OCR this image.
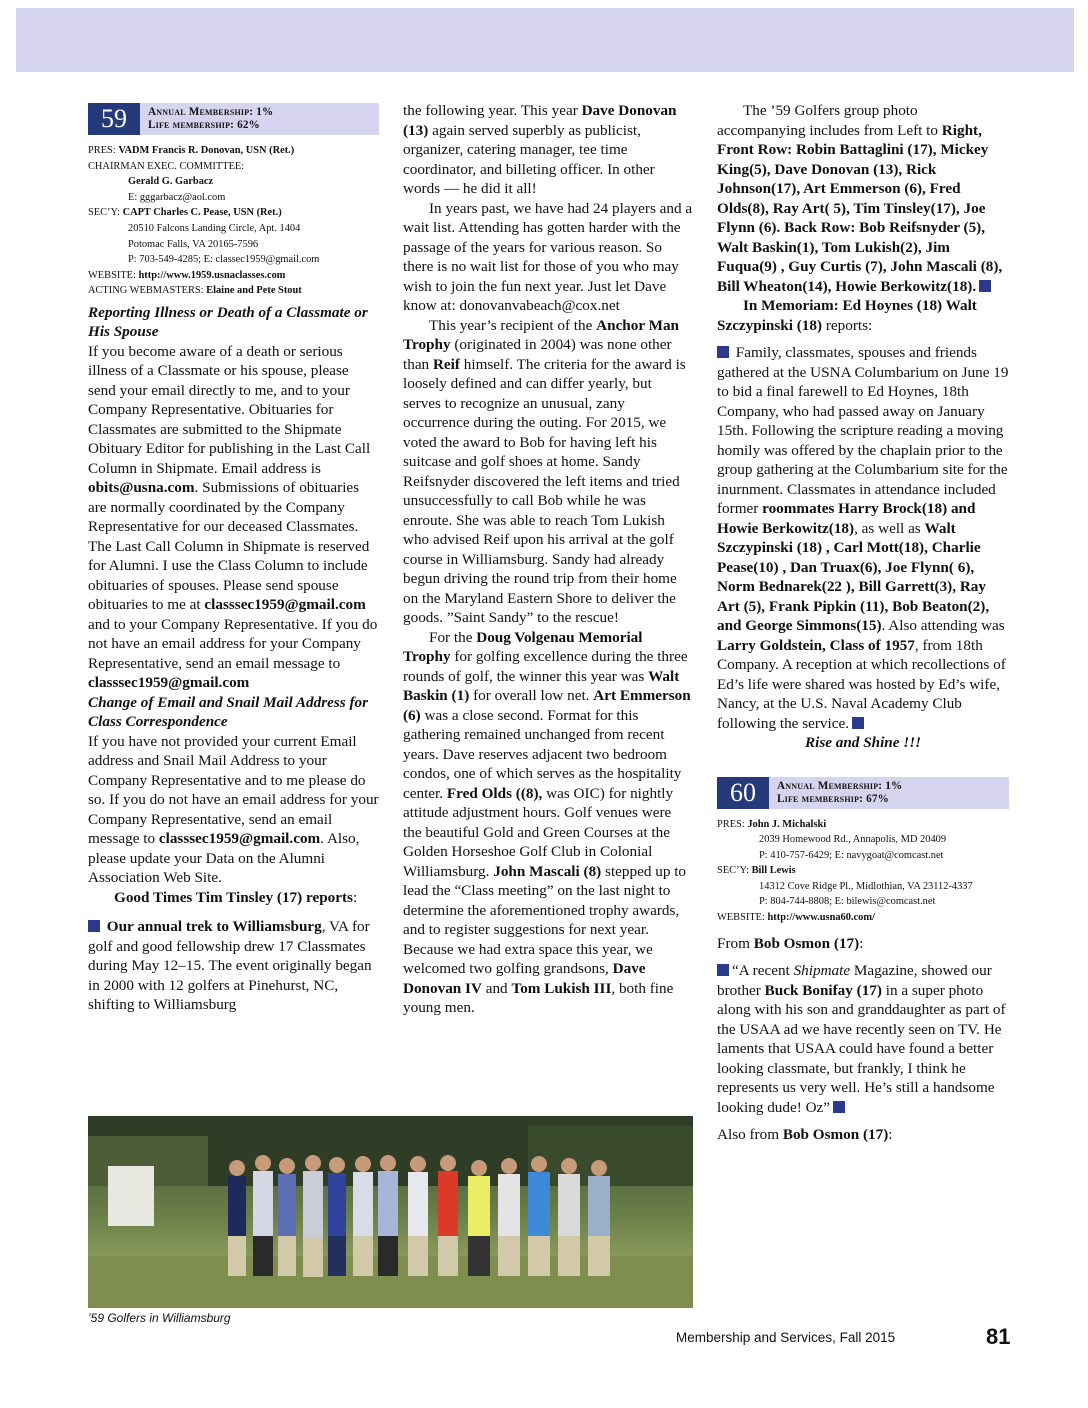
59	Annual Membership: 1%
Life membership: 62%
PRES: VADM Francis R. Donovan, USN (Ret.)
CHAIRMAN EXEC. COMMITTEE:
Gerald G. Garbacz
E: gggarbacz@aol.com
SEC’Y: CAPT Charles C. Pease, USN (Ret.)
20510 Falcons Landing Circle, Apt. 1404
Potomac Falls, VA 20165-7596
P: 703-549-4285; E: classec1959@gmail.com
WEBSITE: http://www.1959.usnaclasses.com
ACTING WEBMASTERS: Elaine and Pete Stout

Reporting Illness or Death of a Classmate or His Spouse

If you become aware of a death or serious illness of a Classmate or his spouse, please send your email directly to me, and to your Company Representative. Obituaries for Classmates are submitted to the Shipmate Obituary Editor for publishing in the Last Call Column in Shipmate. Email address is obits@usna.com. Submissions of obituaries are normally coordinated by the Company Representative for our deceased Classmates. The Last Call Column in Shipmate is reserved for Alumni. I use the Class Column to include obituaries of spouses. Please send spouse obituaries to me at classsec1959@gmail.com and to your Company Representative. If you do not have an email address for your Company Representative, send an email message to classsec1959@gmail.com

Change of Email and Snail Mail Address for Class Correspondence

If you have not provided your current Email address and Snail Mail Address to your Company Representative and to me please do so. If you do not have an email address for your Company Representative, send an email message to classsec1959@gmail.com. Also, please update your Data on the Alumni Association Web Site.

Good Times Tim Tinsley (17) reports:

Our annual trek to Williamsburg, VA for golf and good fellowship drew 17 Classmates during May 12–15. The event originally began in 2000 with 12 golfers at Pinehurst, NC, shifting to Williamsburg

the following year. This year Dave Donovan (13) again served superbly as publicist, organizer, catering manager, tee time coordinator, and billeting officer. In other words — he did it all!

In years past, we have had 24 players and a wait list. Attending has gotten harder with the passage of the years for various reason. So there is no wait list for those of you who may wish to join the fun next year. Just let Dave know at: donovanvabeach@cox.net

This year’s recipient of the Anchor Man Trophy (originated in 2004) was none other than Reif himself. The criteria for the award is loosely defined and can differ yearly, but serves to recognize an unusual, zany occurrence during the outing. For 2015, we voted the award to Bob for having left his suitcase and golf shoes at home. Sandy Reifsnyder discovered the left items and tried unsuccessfully to call Bob while he was enroute. She was able to reach Tom Lukish who advised Reif upon his arrival at the golf course in Williamsburg. Sandy had already begun driving the round trip from their home on the Maryland Eastern Shore to deliver the goods. ”Saint Sandy” to the rescue!

For the Doug Volgenau Memorial Trophy for golfing excellence during the three rounds of golf, the winner this year was Walt Baskin (1) for overall low net. Art Emmerson (6) was a close second. Format for this gathering remained unchanged from recent years. Dave reserves adjacent two bedroom condos, one of which serves as the hospitality center. Fred Olds ((8), was OIC) for nightly attitude adjustment hours. Golf venues were the beautiful Gold and Green Courses at the Golden Horseshoe Golf Club in Colonial Williamsburg. John Mascali (8) stepped up to lead the “Class meeting” on the last night to determine the aforementioned trophy awards, and to register suggestions for next year. Because we had extra space this year, we welcomed two golfing grandsons, Dave Donovan IV and Tom Lukish III, both fine young men.

The ’59 Golfers group photo accompanying includes from Left to Right, Front Row: Robin Battaglini (17), Mickey King(5), Dave Donovan (13), Rick Johnson(17), Art Emmerson (6), Fred Olds(8), Ray Art( 5), Tim Tinsley(17), Joe Flynn (6). Back Row: Bob Reifsnyder (5), Walt Baskin(1), Tom Lukish(2), Jim Fuqua(9) , Guy Curtis (7), John Mascali (8), Bill Wheaton(14), Howie Berkowitz(18).

In Memoriam: Ed Hoynes (18) Walt Szczypinski (18) reports:

Family, classmates, spouses and friends gathered at the USNA Columbarium on June 19 to bid a final farewell to Ed Hoynes, 18th Company, who had passed away on January 15th. Following the scripture reading a moving homily was offered by the chaplain prior to the group gathering at the Columbarium site for the inurnment. Classmates in attendance included former roommates Harry Brock(18) and Howie Berkowitz(18), as well as Walt Szczypinski (18) , Carl Mott(18), Charlie Pease(10) , Dan Truax(6), Joe Flynn( 6), Norm Bednarek(22 ), Bill Garrett(3), Ray Art (5), Frank Pipkin (11), Bob Beaton(2), and George Simmons(15). Also attending was Larry Goldstein, Class of 1957, from 18th Company. A reception at which recollections of Ed’s life were shared was hosted by Ed’s wife, Nancy, at the U.S. Naval Academy Club following the service.

Rise and Shine !!!

60	Annual Membership: 1%
Life membership: 67%
PRES: John J. Michalski
2039 Homewood Rd., Annapolis, MD 20409
P: 410-757-6429; E: navygoat@comcast.net
SEC’Y: Bill Lewis
14312 Cove Ridge Pl., Midlothian, VA 23112-4337
P: 804-744-8808; E: bilewis@comcast.net
WEBSITE: http://www.usna60.com/

From Bob Osmon (17):

“A recent Shipmate Magazine, showed our brother Buck Bonifay (17) in a super photo along with his son and granddaughter as part of the USAA ad we have recently seen on TV. He laments that USAA could have found a better looking classmate, but frankly, I think he represents us very well. He’s still a handsome looking dude! Oz”

Also from Bob Osmon (17):

’59 Golfers in Williamsburg
Membership and Services, Fall 2015	81
